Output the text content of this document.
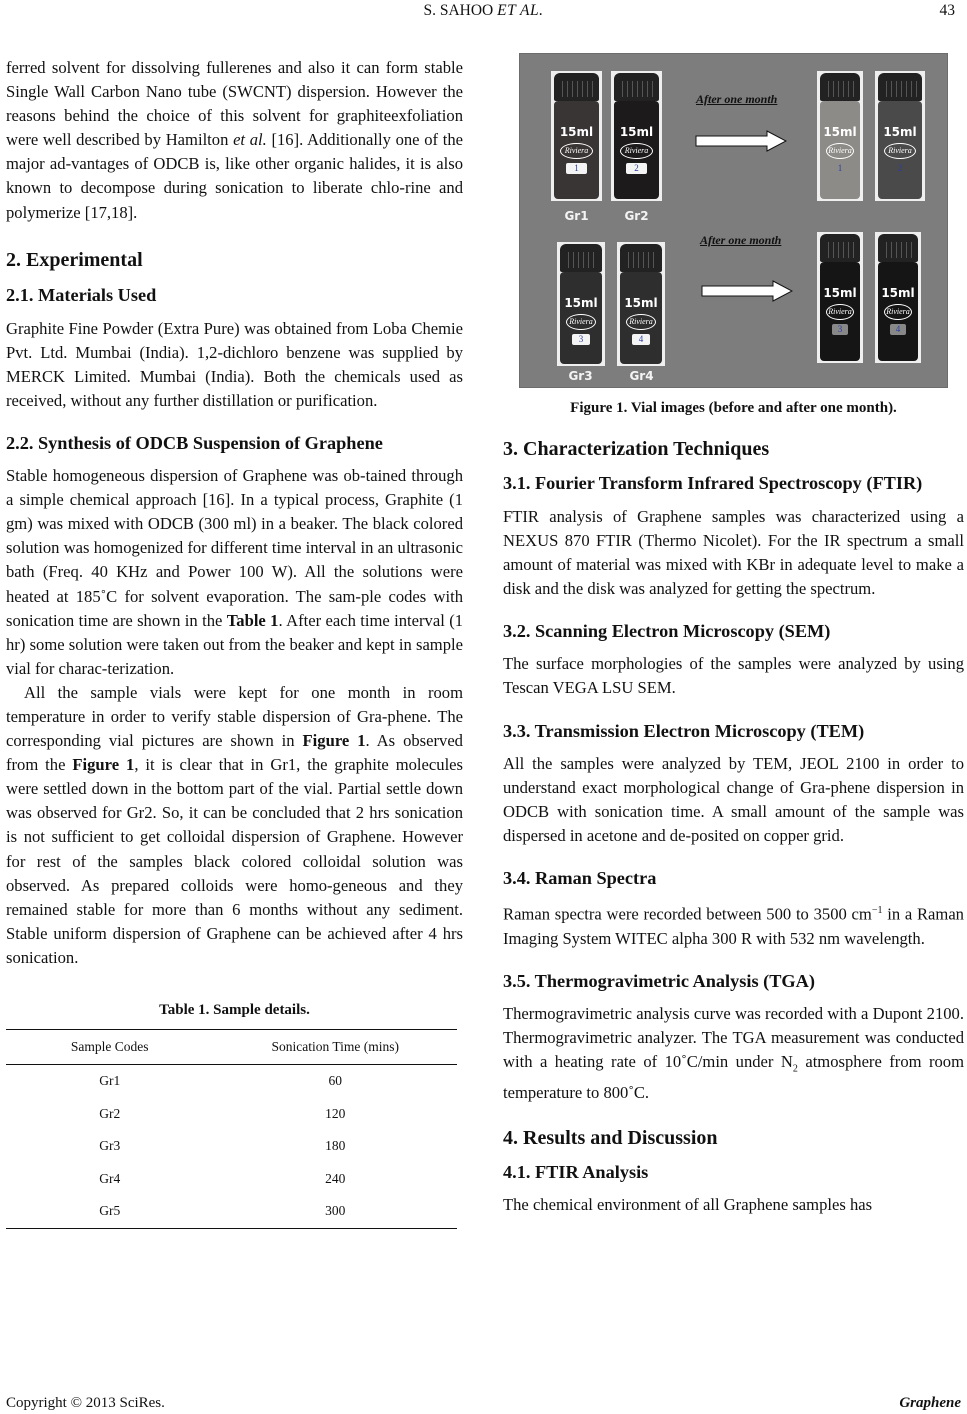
S. SAHOO ET AL.	43

ferred solvent for dissolving fullerenes and also it can form stable Single Wall Carbon Nano tube (SWCNT) dispersion. However the reasons behind the choice of this solvent for graphiteexfoliation were well described by Hamilton et al. [16]. Additionally one of the major ad-vantages of ODCB is, like other organic halides, it is also known to decompose during sonication to liberate chlo-rine and polymerize [17,18].

2. Experimental
2.1. Materials Used

Graphite Fine Powder (Extra Pure) was obtained from Loba Chemie Pvt. Ltd. Mumbai (India). 1,2-dichloro benzene was supplied by MERCK Limited. Mumbai (India). Both the chemicals used as received, without any further distillation or purification.

2.2. Synthesis of ODCB Suspension of Graphene

Stable homogeneous dispersion of Graphene was ob-tained through a simple chemical approach [16]. In a typical process, Graphite (1 gm) was mixed with ODCB (300 ml) in a beaker. The black colored solution was homogenized for different time interval in an ultrasonic bath (Freq. 40 KHz and Power 100 W). All the solutions were heated at 185˚C for solvent evaporation. The sam-ple codes with sonication time are shown in the Table 1. After each time interval (1 hr) some solution were taken out from the beaker and kept in sample vial for charac-terization.

All the sample vials were kept for one month in room temperature in order to verify stable dispersion of Gra-phene. The corresponding vial pictures are shown in Figure 1. As observed from the Figure 1, it is clear that in Gr1, the graphite molecules were settled down in the bottom part of the vial. Partial settle down was observed for Gr2. So, it can be concluded that 2 hrs sonication is not sufficient to get colloidal dispersion of Graphene. However for rest of the samples black colored colloidal solution was observed. As prepared colloids were homo-geneous and they remained stable for more than 6 months without any sediment. Stable uniform dispersion of Graphene can be achieved after 4 hrs sonication.

Table 1. Sample details.

Sample Codes	Sonication Time (mins)
Gr1	60
Gr2	120
Gr3	180
Gr4	240
Gr5	300
15ml
Riviera
1
15ml
Riviera
2
Gr1	Gr2
After one month
15ml
Riviera
1
15ml
Riviera
2
15ml
Riviera
3
15ml
Riviera
4
Gr3	Gr4
After one month
15ml
Riviera
3
15ml
Riviera
4

Figure 1. Vial images (before and after one month).

3. Characterization Techniques
3.1. Fourier Transform Infrared Spectroscopy (FTIR)

FTIR analysis of Graphene samples was characterized using a NEXUS 870 FTIR (Thermo Nicolet). For the IR spectrum a small amount of material was mixed with KBr in adequate level to make a disk and the disk was analyzed for getting the spectrum.

3.2. Scanning Electron Microscopy (SEM)

The surface morphologies of the samples were analyzed by using Tescan VEGA LSU SEM.

3.3. Transmission Electron Microscopy (TEM)

All the samples were analyzed by TEM, JEOL 2100 in order to understand exact morphological change of Gra-phene dispersion in ODCB with sonication time. A small amount of the sample was dispersed in acetone and de-posited on copper grid.

3.4. Raman Spectra

Raman spectra were recorded between 500 to 3500 $cm^{-1}$ in a Raman Imaging System WITEC alpha 300 R with 532 nm wavelength.

3.5. Thermogravimetric Analysis (TGA)

Thermogravimetric analysis curve was recorded with a Dupont 2100. Thermogravimetric analyzer. The TGA measurement was conducted with a heating rate of 10˚C/min under $N_2$ atmosphere from room temperature to 800˚C.

4. Results and Discussion
4.1. FTIR Analysis

The chemical environment of all Graphene samples has

Copyright © 2013 SciRes.	Graphene
